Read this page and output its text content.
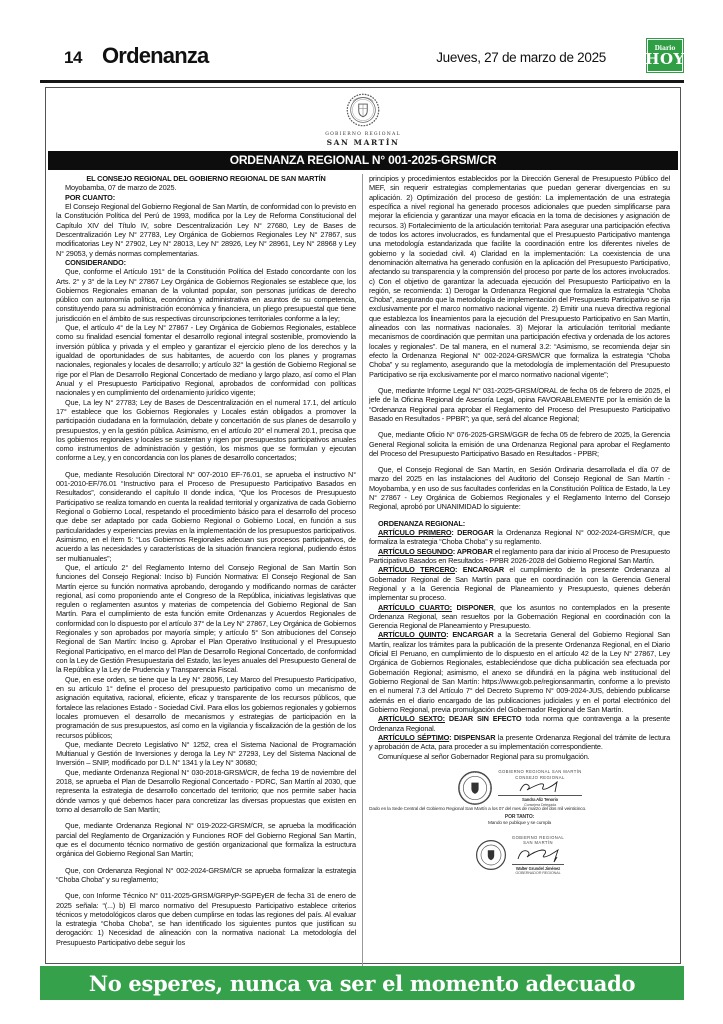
14 Ordenanza	Jueves, 27 de marzo de 2025
Diario
HOY
GOBIERNO REGIONAL
SAN MARTÍN
ORDENANZA REGIONAL N° 001-2025-GRSM/CR

EL CONSEJO REGIONAL DEL GOBIERNO REGIONAL DE SAN MARTÍN

Moyobamba, 07 de marzo de 2025.

POR CUANTO:

El Consejo Regional del Gobierno Regional de San Martín, de conformidad con lo previsto en la Constitución Política del Perú de 1993, modifica por la Ley de Reforma Constitucional del Capítulo XIV del Título IV, sobre Descentralización Ley N° 27680, Ley de Bases de Descentralización Ley N° 27783, Ley Orgánica de Gobiernos Regionales Ley N° 27867, sus modificatorias Ley N° 27902, Ley N° 28013, Ley N° 28926, Ley N° 28961, Ley N° 28968 y Ley N° 29053, y demás normas complementarias.

CONSIDERANDO:

Que, conforme el Artículo 191° de la Constitución Política del Estado concordante con los Arts. 2° y 3° de la Ley N° 27867 Ley Orgánica de Gobiernos Regionales se establece que, los Gobiernos Regionales emanan de la voluntad popular, son personas jurídicas de derecho público con autonomía política, económica y administrativa en asuntos de su competencia, constituyendo para su administración económica y financiera, un pliego presupuestal que tiene jurisdicción en el ámbito de sus respectivas circunscripciones territoriales conforme a la ley;

Que, el artículo 4° de la Ley N° 27867 - Ley Orgánica de Gobiernos Regionales, establece como su finalidad esencial fomentar el desarrollo regional integral sostenible, promoviendo la inversión pública y privada y el empleo y garantizar el ejercicio pleno de los derechos y la igualdad de oportunidades de sus habitantes, de acuerdo con los planes y programas nacionales, regionales y locales de desarrollo; y artículo 32° la gestión de Gobierno Regional se rige por el Plan de Desarrollo Regional Concertado de mediano y largo plazo, así como el Plan Anual y el Presupuesto Participativo Regional, aprobados de conformidad con políticas nacionales y en cumplimiento del ordenamiento jurídico vigente;

Que, La ley N° 27783; Ley de Bases de Descentralización en el numeral 17.1, del artículo 17° establece que los Gobiernos Regionales y Locales están obligados a promover la participación ciudadana en la formulación, debate y concertación de sus planes de desarrollo y presupuestos, y en la gestión pública. Asimismo, en el artículo 20° el numeral 20.1, precisa que los gobiernos regionales y locales se sustentan y rigen por presupuestos participativos anuales como instrumentos de administración y gestión, los mismos que se formulan y ejecutan conforme a Ley, y en concordancia con los planes de desarrollo concertados;

Que, mediante Resolución Directoral N° 007-2010 EF-76.01, se aprueba el instructivo N° 001-2010-EF/76.01 “Instructivo para el Proceso de Presupuesto Participativo Basados en Resultados”, considerando el capítulo II donde indica, “Que los Procesos de Presupuesto Participativo se realiza tomando en cuenta la realidad territorial y organizativa de cada Gobierno Regional o Gobierno Local, respetando el procedimiento básico para el desarrollo del proceso que debe ser adaptado por cada Gobierno Regional o Gobierno Local, en función a sus particularidades y experiencias previas en la implementación de los presupuestos participativos. Asimismo, en el ítem 5: “Los Gobiernos Regionales adecuan sus procesos participativos, de acuerdo a las necesidades y características de la situación financiera regional, pudiendo éstos ser multianuales”;

Que, el artículo 2° del Reglamento Interno del Consejo Regional de San Martín Son funciones del Consejo Regional: Inciso b) Función Normativa: El Consejo Regional de San Martín ejerce su función normativa aprobando, derogando y modificando normas de carácter regional, así como proponiendo ante el Congreso de la República, iniciativas legislativas que regulen o reglamenten asuntos y materias de competencia del Gobierno Regional de San Martín. Para el cumplimiento de esta función emite Ordenanzas y Acuerdos Regionales de conformidad con lo dispuesto por el artículo 37° de la Ley N° 27867, Ley Orgánica de Gobiernos Regionales y son aprobados por mayoría simple; y artículo 5° Son atribuciones del Consejo Regional de San Martín: Inciso g. Aprobar el Plan Operativo Institucional y el Presupuesto Regional Participativo, en el marco del Plan de Desarrollo Regional Concertado, de conformidad con la Ley de Gestión Presupuestaria del Estado, las leyes anuales del Presupuesto General de la República y la Ley de Prudencia y Transparencia Fiscal.

Que, en ese orden, se tiene que la Ley N° 28056, Ley Marco del Presupuesto Participativo, en su artículo 1° define el proceso del presupuesto participativo como un mecanismo de asignación equitativa, racional, eficiente, eficaz y transparente de los recursos públicos, que fortalece las relaciones Estado - Sociedad Civil. Para ellos los gobiernos regionales y gobiernos locales promueven el desarrollo de mecanismos y estrategias de participación en la programación de sus presupuestos, así como en la vigilancia y fiscalización de la gestión de los recursos públicos;

Que, mediante Decreto Legislativo N° 1252, crea el Sistema Nacional de Programación Multianual y Gestión de Inversiones y deroga la Ley N° 27293, Ley del Sistema Nacional de Inversión – SNIP, modificado por D.L N° 1341 y la Ley N° 30680;

Que, mediante Ordenanza Regional N° 030-2018-GRSM/CR, de fecha 19 de noviembre del 2018, se aprueba el Plan de Desarrollo Regional Concertado - PDRC, San Martín al 2030, que representa la estrategia de desarrollo concertado del territorio; que nos permite saber hacia dónde vamos y qué debemos hacer para concretizar las diversas propuestas que existen en torno al desarrollo de San Martín;

Que, mediante Ordenanza Regional N° 019-2022-GRSM/CR, se aprueba la modificación parcial del Reglamento de Organización y Funciones ROF del Gobierno Regional San Martín, que es el documento técnico normativo de gestión organizacional que formaliza la estructura orgánica del Gobierno Regional San Martín;

Que, con Ordenanza Regional N° 002-2024-GRSM/CR se aprueba formalizar la estrategia “Choba Choba” y su reglamento;

Que, con Informe Técnico N° 011-2025-GRSM/GRPyP-SGPEyER de fecha 31 de enero de 2025 señala: “(...) b) El marco normativo del Presupuesto Participativo establece criterios técnicos y metodológicos claros que deben cumplirse en todas las regiones del país. Al evaluar la estrategia “Choba Choba”, se han identificado los siguientes puntos que justifican su derogación: 1) Necesidad de alineación con la normativa nacional: La metodología del Presupuesto Participativo debe seguir los

principios y procedimientos establecidos por la Dirección General de Presupuesto Público del MEF, sin requerir estrategias complementarias que puedan generar divergencias en su aplicación. 2) Optimización del proceso de gestión: La implementación de una estrategia específica a nivel regional ha generado procesos adicionales que pueden simplificarse para mejorar la eficiencia y garantizar una mayor eficacia en la toma de decisiones y asignación de recursos. 3) Fortalecimiento de la articulación territorial: Para asegurar una participación efectiva de todos los actores involucrados, es fundamental que el Presupuesto Participativo mantenga una metodología estandarizada que facilite la coordinación entre los diferentes niveles de gobierno y la sociedad civil. 4) Claridad en la implementación: La coexistencia de una denominación alternativa ha generado confusión en la aplicación del Presupuesto Participativo, afectando su transparencia y la comprensión del proceso por parte de los actores involucrados. c) Con el objetivo de garantizar la adecuada ejecución del Presupuesto Participativo en la región, se recomienda: 1) Derogar la Ordenanza Regional que formaliza la estrategia “Choba Choba”, asegurando que la metodología de implementación del Presupuesto Participativo se rija exclusivamente por el marco normativo nacional vigente. 2) Emitir una nueva directiva regional que establezca los lineamientos para la ejecución del Presupuesto Participativo en San Martín, alineados con las normativas nacionales. 3) Mejorar la articulación territorial mediante mecanismos de coordinación que permitan una participación efectiva y ordenada de los actores locales y regionales”. De tal manera, en el numeral 3.2: “Asimismo, se recomienda dejar sin efecto la Ordenanza Regional N° 002-2024-GRSM/CR que formaliza la estrategia “Choba Choba” y su reglamento, asegurando que la metodología de implementación del Presupuesto Participativo se rija exclusivamente por el marco normativo nacional vigente”;

Que, mediante Informe Legal N° 031-2025-GRSM/ORAL de fecha 05 de febrero de 2025, el jefe de la Oficina Regional de Asesoría Legal, opina FAVORABLEMENTE por la emisión de la “Ordenanza Regional para aprobar el Reglamento del Proceso del Presupuesto Participativo Basado en Resultados - PPBR”; ya que, será del alcance Regional;

Que, mediante Oficio N° 076-2025-GRSM/GGR de fecha 05 de febrero de 2025, la Gerencia General Regional solicita la emisión de una Ordenanza Regional para aprobar el Reglamento del Proceso del Presupuesto Participativo Basado en Resultados - PPBR;

Que, el Consejo Regional de San Martín, en Sesión Ordinaria desarrollada el día 07 de marzo del 2025 en las instalaciones del Auditorio del Consejo Regional de San Martín - Moyobamba, y en uso de sus facultades conferidas en la Constitución Política de Estado, la Ley N° 27867 - Ley Orgánica de Gobiernos Regionales y el Reglamento Interno del Consejo Regional, aprobó por UNANIMIDAD lo siguiente:

ORDENANZA REGIONAL:

ARTÍCULO PRIMERO: DEROGAR la Ordenanza Regional N° 002-2024-GRSM/CR, que formaliza la estrategia “Choba Choba” y su reglamento.

ARTÍCULO SEGUNDO: APROBAR el reglamento para dar inicio al Proceso de Presupuesto Participativo Basados en Resultados - PPBR 2026-2028 del Gobierno Regional San Martín.

ARTÍCULO TERCERO: ENCARGAR el cumplimiento de la presente Ordenanza al Gobernador Regional de San Martín para que en coordinación con la Gerencia General Regional y a la Gerencia Regional de Planeamiento y Presupuesto, quienes deberán implementar su proceso.

ARTÍCULO CUARTO: DISPONER, que los asuntos no contemplados en la presente Ordenanza Regional, sean resueltos por la Gobernación Regional en coordinación con la Gerencia Regional de Planeamiento y Presupuesto.

ARTÍCULO QUINTO: ENCARGAR a la Secretaria General del Gobierno Regional San Martín, realizar los trámites para la publicación de la presente Ordenanza Regional, en el Diario Oficial El Peruano, en cumplimiento de lo dispuesto en el artículo 42 de la Ley N° 27867, Ley Orgánica de Gobiernos Regionales, estableciéndose que dicha publicación sea efectuada por Gobernación Regional; asimismo, el anexo se difundirá en la página web institucional del Gobierno Regional de San Martín: https://www.gob.pe/regionsanmartin, conforme a lo previsto en el numeral 7.3 del Artículo 7° del Decreto Supremo N° 009-2024-JUS, debiendo publicarse además en el diario encargado de las publicaciones judiciales y en el portal electrónico del Gobierno Regional, previa promulgación del Gobernador Regional de San Martín.

ARTÍCULO SEXTO: DEJAR SIN EFECTO toda norma que contravenga a la presente Ordenanza Regional.

ARTÍCULO SÉPTIMO: DISPENSAR la presente Ordenanza Regional del trámite de lectura y aprobación de Acta, para proceder a su implementación correspondiente.

Comuníquese al señor Gobernador Regional para su promulgación.

GOBIERNO REGIONAL SAN MARTÍN
CONSEJO REGIONAL
Sandra Alíz Tenorio
Consejera Delegada

Dado en la Sede Central del Gobierno Regional San Martín a los 07 del mes de marzo del dos mil veinticinco.

POR TANTO:

Mando se publique y se cumpla

GOBIERNO REGIONAL
SAN MARTÍN
Walter Grundel Jiménez
GOBERNADOR REGIONAL
No esperes, nunca va ser el momento adecuado
